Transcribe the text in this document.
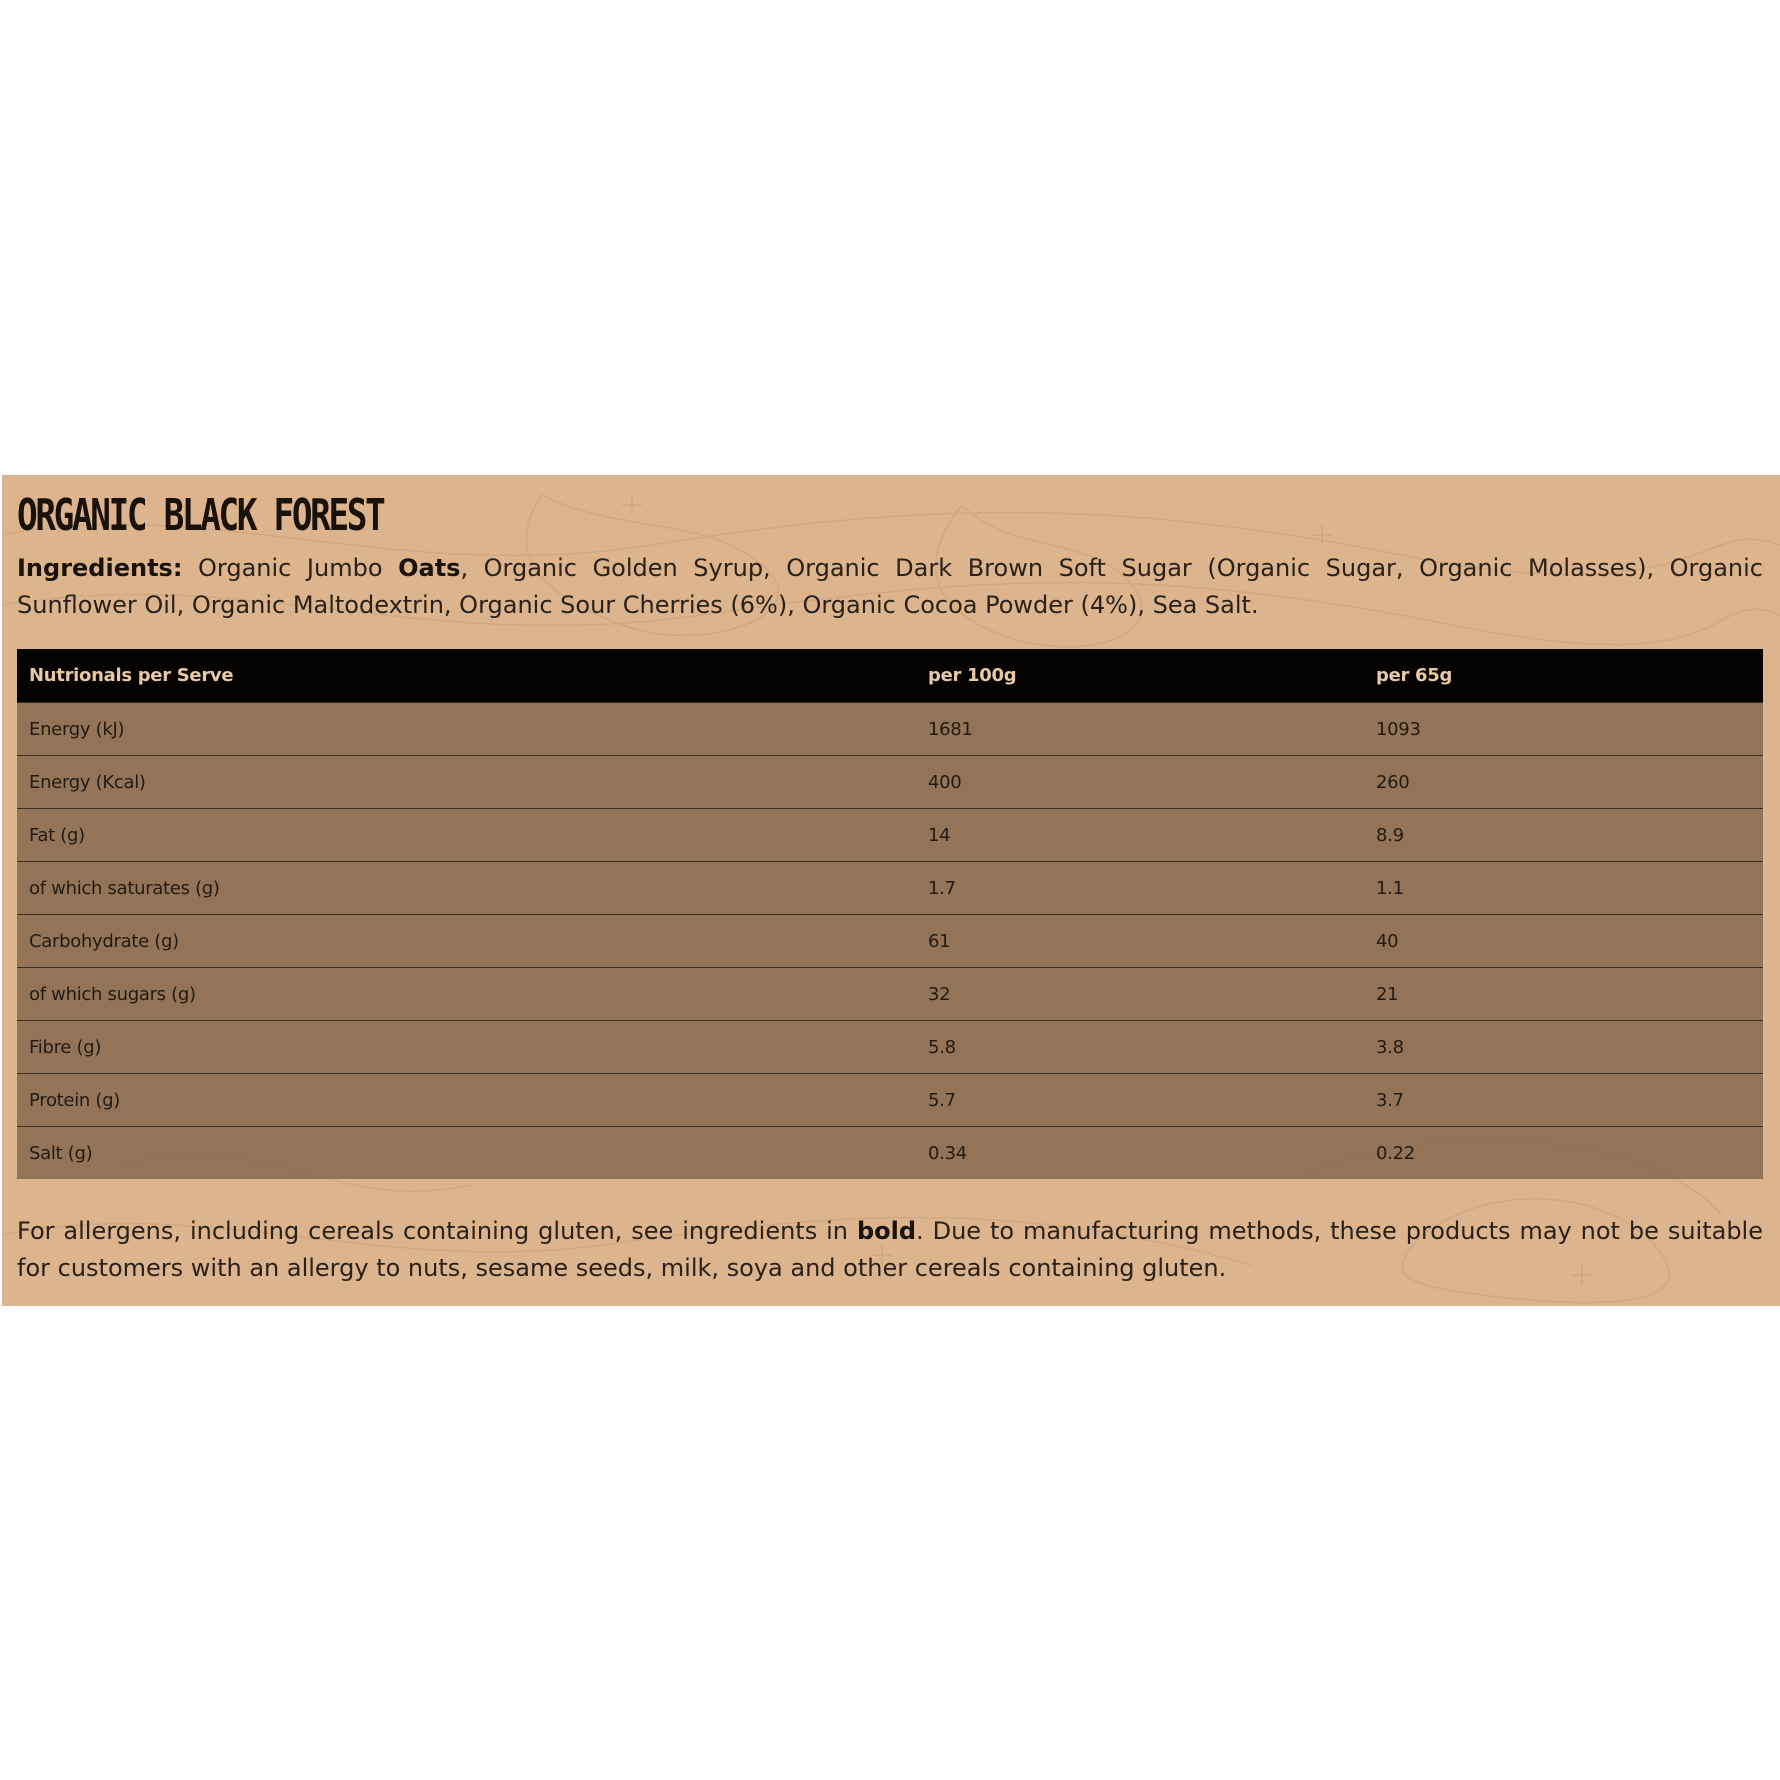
ORGANIC BLACK FOREST

Ingredients: Organic Jumbo Oats, Organic Golden Syrup, Organic Dark Brown Soft Sugar (Organic Sugar, Organic Molasses), Organic Sunflower Oil, Organic Maltodextrin, Organic Sour Cherries (6%), Organic Cocoa Powder (4%), Sea Salt.

Nutrionals per Serve	per 100g	per 65g
Energy (kJ)	1681	1093
Energy (Kcal)	400	260
Fat (g)	14	8.9
of which saturates (g)	1.7	1.1
Carbohydrate (g)	61	40
of which sugars (g)	32	21
Fibre (g)	5.8	3.8
Protein (g)	5.7	3.7
Salt (g)	0.34	0.22

For allergens, including cereals containing gluten, see ingredients in bold. Due to manufacturing methods, these products may not be suitable for customers with an allergy to nuts, sesame seeds, milk, soya and other cereals containing gluten.
